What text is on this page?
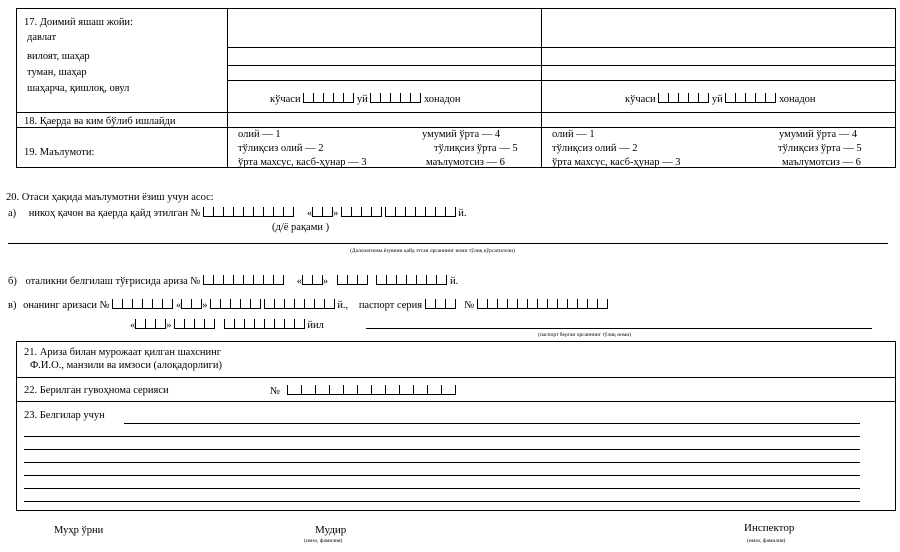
17. Доимий яшаш жойи:
давлат
вилоят, шаҳар
туман, шаҳар
шаҳарча, қишлоқ, овул
кўчаси	уй	хонадон	кўчаси	уй	хонадон
18. Қаерда ва ким бўлиб ишлайди
19. Маълумоти:
олий — 1
тўлиқсиз олий — 2
ўрта махсус, касб-ҳунар — 3
умумий ўрта — 4
тўлиқсиз ўрта — 5
маълумотсиз — 6
олий — 1
тўлиқсиз олий — 2
ўрта махсус, касб-ҳунар — 3
умумий ўрта — 4
тўлиқсиз ўрта — 5
маълумотсиз — 6
20. Отаси ҳақида маълумотни ёзиш учун асос:
а) никоҳ қачон ва қаерда қайд этилган №	« »	й.
(д/ё рақами )
(Далолатнома ёзувини қайд этган органнинг номи тўлиқ кўрсатилсин)
б) оталикни белгилаш тўғрисида ариза №	« »	й.
в) онанинг аризаси №	« »	й., паспорт серия	№
«	»	йил
(паспорт берган органнинг тўлиқ номи)
21. Ариза билан мурожаат қилган шахснинг
Ф.И.О., манзили ва имзоси (алоқадорлиги)
22. Берилган гувоҳнома серияси	№
23. Белгилар учун
Муҳр ўрни	Мудир
(имзо, фамилия)
Инспектор
(имзо, фамилия)
